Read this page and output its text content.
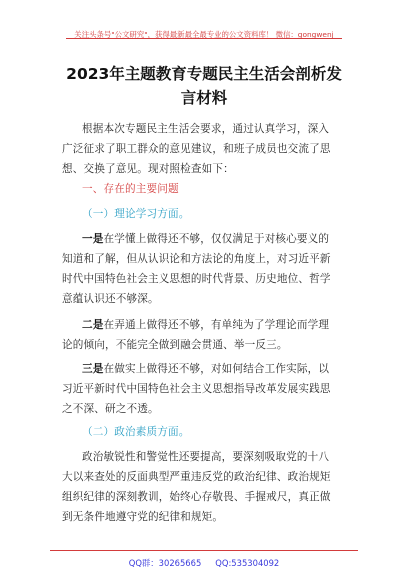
关注头条号"公文研究"，获得最新最全最专业的公文资料库！ 微信：gongwenj
2023年主题教育专题民主生活会剖析发
言材料
根据本次专题民主生活会要求，通过认真学习，深入
广泛征求了职工群众的意见建议，和班子成员也交流了思
想、交换了意见。现对照检查如下：
一、存在的主要问题
（一）理论学习方面。
一是在学懂上做得还不够，仅仅满足于对核心要义的
知道和了解，但从认识论和方法论的角度上，对习近平新
时代中国特色社会主义思想的时代背景、历史地位、哲学
意蕴认识还不够深。
二是在弄通上做得还不够，有单纯为了学理论而学理
论的倾向，不能完全做到融会贯通、举一反三。
三是在做实上做得还不够，对如何结合工作实际，以
习近平新时代中国特色社会主义思想指导改革发展实践思
之不深、研之不透。
（二）政治素质方面。
政治敏锐性和警觉性还要提高，要深刻吸取党的十八
大以来查处的反面典型严重违反党的政治纪律、政治规矩
组织纪律的深刻教训，始终心存敬畏、手握戒尺，真正做
到无条件地遵守党的纪律和规矩。
QQ群：30265665 QQ:535304092
